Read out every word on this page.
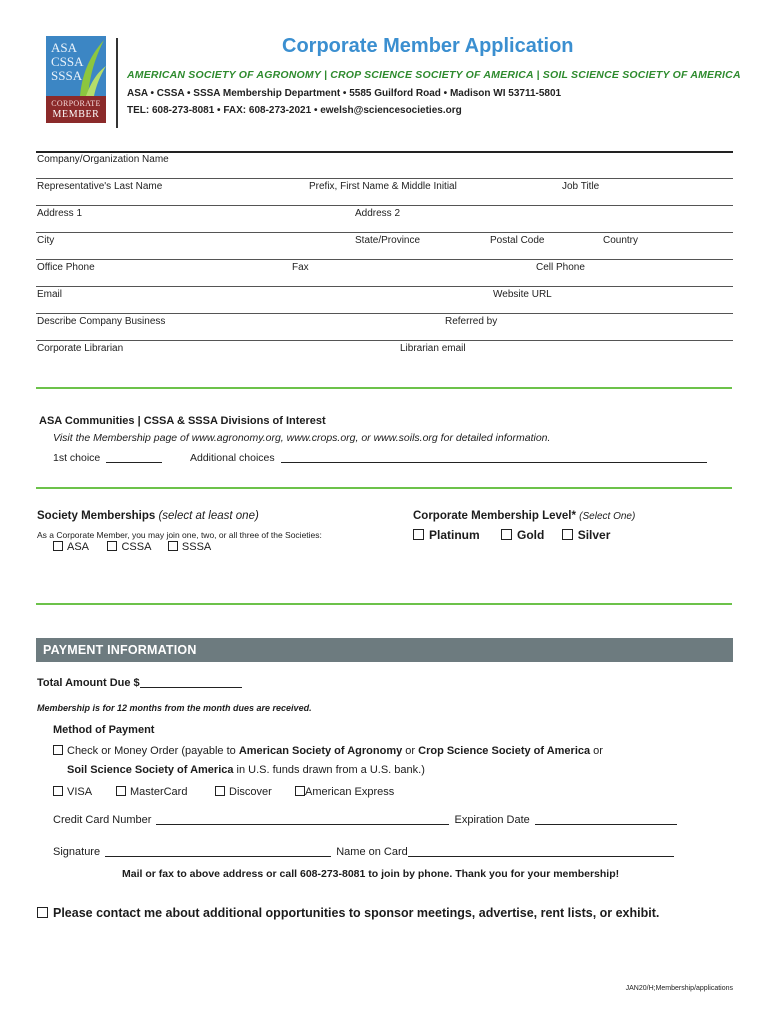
ASA
CSSA
SSSA
CORPORATE
MEMBER
Corporate Member Application
AMERICAN SOCIETY OF AGRONOMY | CROP SCIENCE SOCIETY OF AMERICA | SOIL SCIENCE SOCIETY OF AMERICA
ASA • CSSA • SSSA Membership Department • 5585 Guilford Road • Madison WI 53711-5801
TEL: 608-273-8081 • FAX: 608-273-2021 • ewelsh@sciencesocieties.org
Company/Organization Name
Representative's Last Name	Prefix, First Name & Middle Initial	Job Title
Address 1	Address 2
City	State/Province	Postal Code	Country
Office Phone	Fax	Cell Phone
Email	Website URL
Describe Company Business	Referred by
Corporate Librarian	Librarian email
ASA Communities | CSSA & SSSA Divisions of Interest
Visit the Membership page of www.agronomy.org, www.crops.org, or www.soils.org for detailed information.
1st choice	Additional choices
Society Memberships (select at least one)
As a Corporate Member, you may join one, two, or all three of the Societies:
ASA	CSSA	SSSA
Corporate Membership Level* (Select One)
Platinum	Gold	Silver
PAYMENT INFORMATION
Total Amount Due $
Membership is for 12 months from the month dues are received.
Method of Payment
Check or Money Order (payable to American Society of Agronomy or Crop Science Society of America or
Soil Science Society of America in U.S. funds drawn from a U.S. bank.)
VISA	MasterCard	Discover	American Express
Credit Card Number	Expiration Date
Signature	Name on Card
Mail or fax to above address or call 608-273-8081 to join by phone. Thank you for your membership!
Please contact me about additional opportunities to sponsor meetings, advertise, rent lists, or exhibit.
JAN20/H;Membership/applications
